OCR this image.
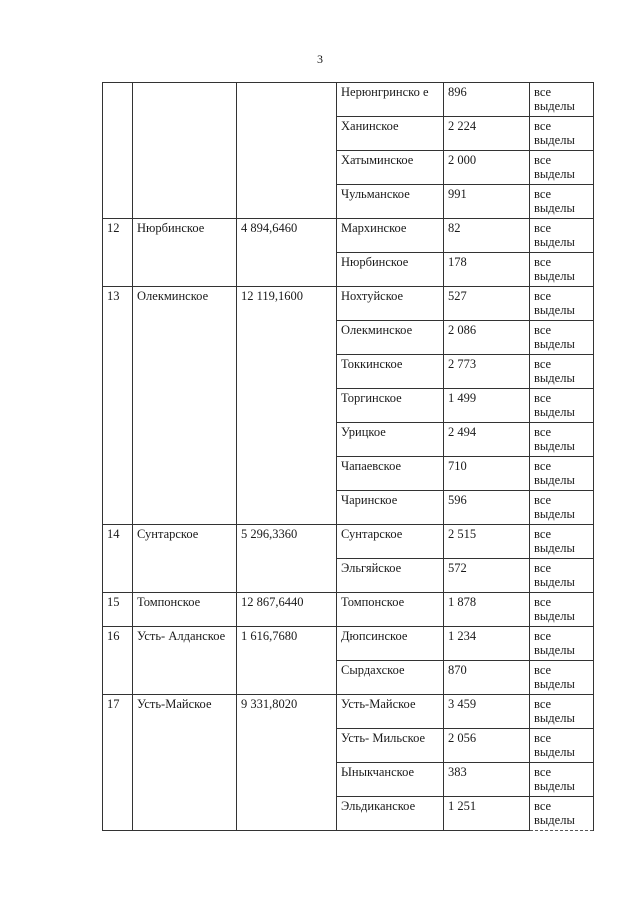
3
			Нерюнгринско е	896	все выделы
			Ханинское	2 224	все выделы
			Хатыминское	2 000	все выделы
			Чульманское	991	все выделы
12	Нюрбинское	4 894,6460	Мархинское	82	все выделы
			Нюрбинское	178	все выделы
13	Олекминское	12 119,1600	Нохтуйское	527	все выделы
			Олекминское	2 086	все выделы
			Токкинское	2 773	все выделы
			Торгинское	1 499	все выделы
			Урицкое	2 494	все выделы
			Чапаевское	710	все выделы
			Чаринское	596	все выделы
14	Сунтарское	5 296,3360	Сунтарское	2 515	все выделы
			Эльгяйское	572	все выделы
15	Томпонское	12 867,6440	Томпонское	1 878	все выделы
16	Усть- Алданское	1 616,7680	Дюпсинское	1 234	все выделы
			Сырдахское	870	все выделы
17	Усть-Майское	9 331,8020	Усть-Майское	3 459	все выделы
			Усть- Мильское	2 056	все выделы
			Ыныкчанское	383	все выделы
			Эльдиканское	1 251	все выделы
